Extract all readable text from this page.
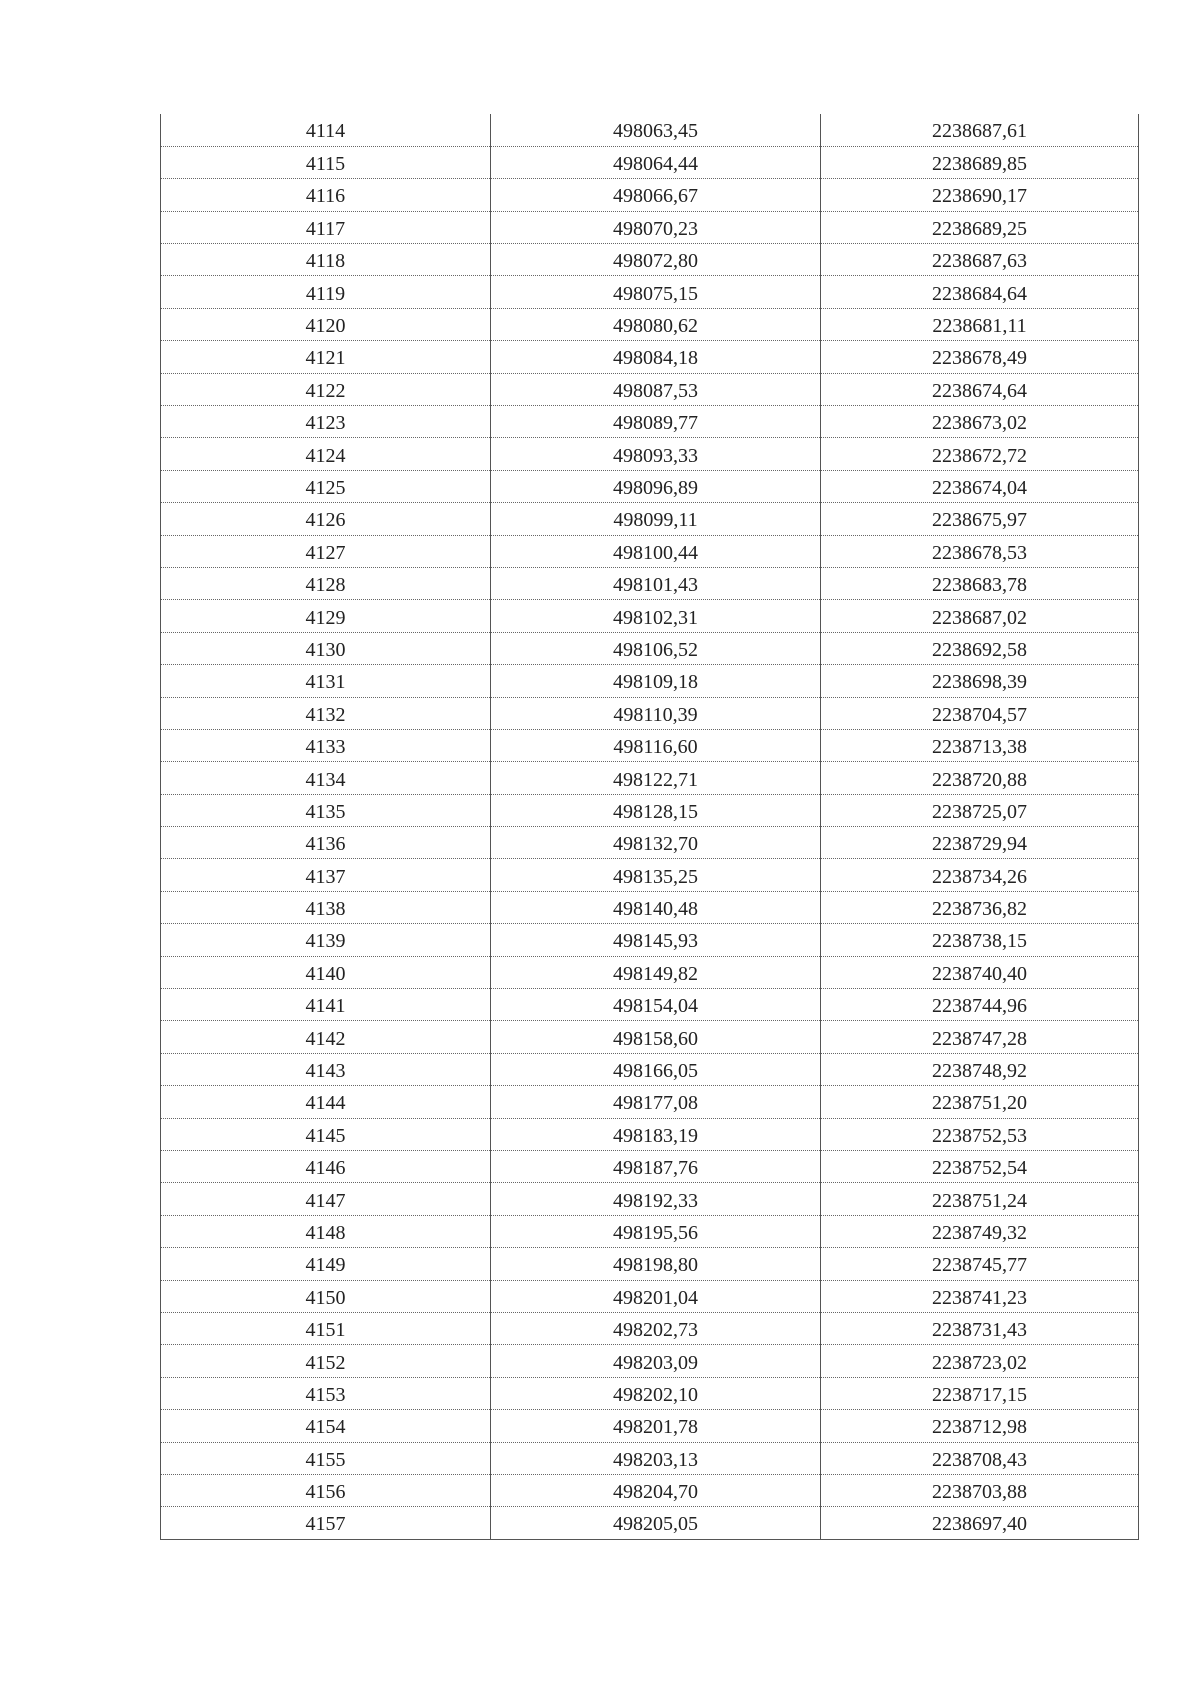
4114	498063,45	2238687,61
4115	498064,44	2238689,85
4116	498066,67	2238690,17
4117	498070,23	2238689,25
4118	498072,80	2238687,63
4119	498075,15	2238684,64
4120	498080,62	2238681,11
4121	498084,18	2238678,49
4122	498087,53	2238674,64
4123	498089,77	2238673,02
4124	498093,33	2238672,72
4125	498096,89	2238674,04
4126	498099,11	2238675,97
4127	498100,44	2238678,53
4128	498101,43	2238683,78
4129	498102,31	2238687,02
4130	498106,52	2238692,58
4131	498109,18	2238698,39
4132	498110,39	2238704,57
4133	498116,60	2238713,38
4134	498122,71	2238720,88
4135	498128,15	2238725,07
4136	498132,70	2238729,94
4137	498135,25	2238734,26
4138	498140,48	2238736,82
4139	498145,93	2238738,15
4140	498149,82	2238740,40
4141	498154,04	2238744,96
4142	498158,60	2238747,28
4143	498166,05	2238748,92
4144	498177,08	2238751,20
4145	498183,19	2238752,53
4146	498187,76	2238752,54
4147	498192,33	2238751,24
4148	498195,56	2238749,32
4149	498198,80	2238745,77
4150	498201,04	2238741,23
4151	498202,73	2238731,43
4152	498203,09	2238723,02
4153	498202,10	2238717,15
4154	498201,78	2238712,98
4155	498203,13	2238708,43
4156	498204,70	2238703,88
4157	498205,05	2238697,40
